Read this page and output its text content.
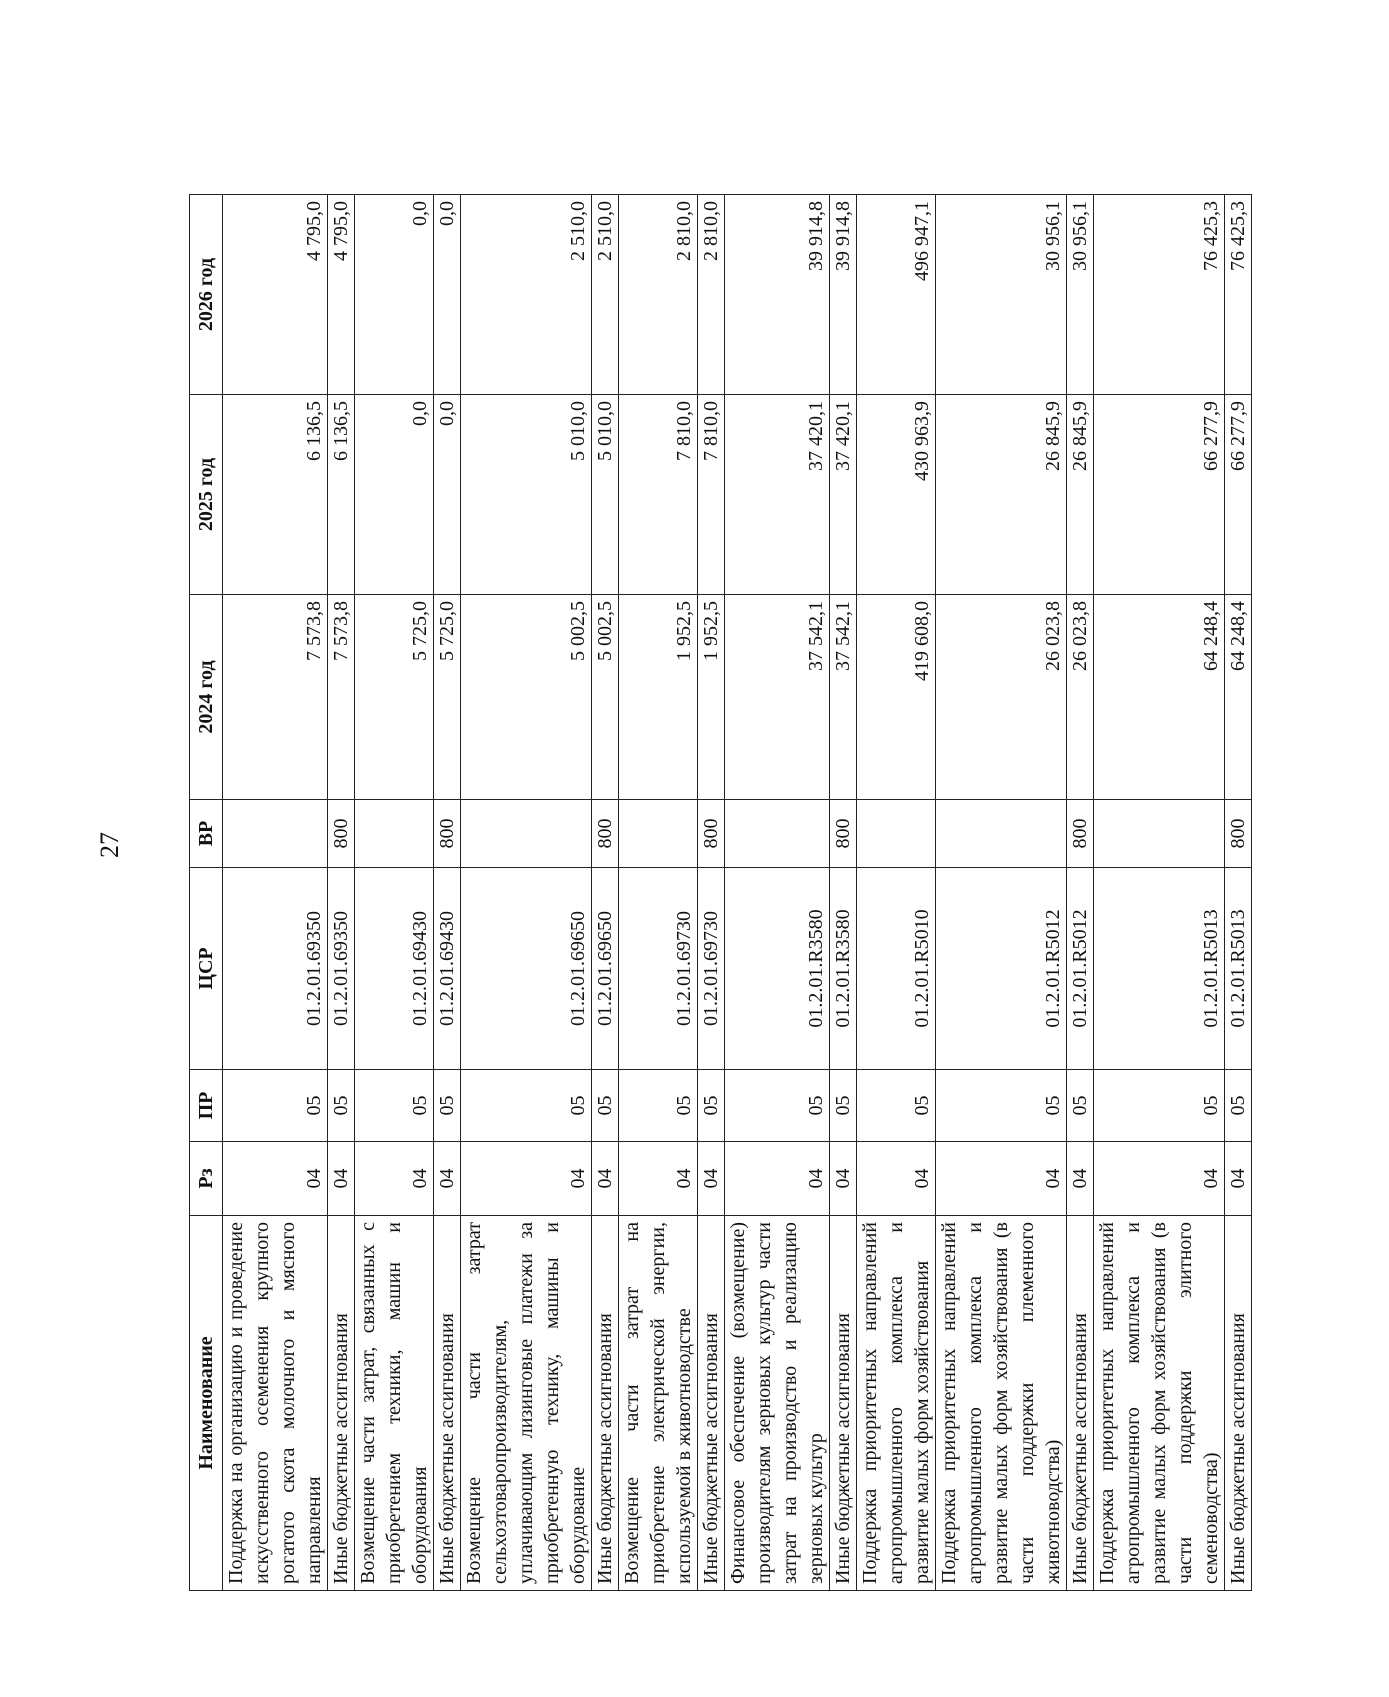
27
Наименование	Рз	ПР	ЦСР	ВР	2024 год	2025 год	2026 год
Поддержка на организацию и проведение искусственного осеменения крупного рогатого скота молочного и мясного направления	04	05	01.2.01.69350		7 573,8	6 136,5	4 795,0
Иные бюджетные ассигнования	04	05	01.2.01.69350	800	7 573,8	6 136,5	4 795,0
Возмещение части затрат, связанных с приобретением техники, машин и оборудования	04	05	01.2.01.69430		5 725,0	0,0	0,0
Иные бюджетные ассигнования	04	05	01.2.01.69430	800	5 725,0	0,0	0,0
Возмещение части затрат сельхозтоваропроизводителям, уплачивающим лизинговые платежи за приобретенную технику, машины и оборудование	04	05	01.2.01.69650		5 002,5	5 010,0	2 510,0
Иные бюджетные ассигнования	04	05	01.2.01.69650	800	5 002,5	5 010,0	2 510,0
Возмещение части затрат на приобретение электрической энергии, используемой в животноводстве	04	05	01.2.01.69730		1 952,5	7 810,0	2 810,0
Иные бюджетные ассигнования	04	05	01.2.01.69730	800	1 952,5	7 810,0	2 810,0
Финансовое обеспечение (возмещение) производителям зерновых культур части затрат на производство и реализацию зерновых культур	04	05	01.2.01.R3580		37 542,1	37 420,1	39 914,8
Иные бюджетные ассигнования	04	05	01.2.01.R3580	800	37 542,1	37 420,1	39 914,8
Поддержка приоритетных направлений агропромышленного комплекса и развитие малых форм хозяйствования	04	05	01.2.01.R5010		419 608,0	430 963,9	496 947,1
Поддержка приоритетных направлений агропромышленного комплекса и развитие малых форм хозяйствования (в части поддержки племенного животноводства)	04	05	01.2.01.R5012		26 023,8	26 845,9	30 956,1
Иные бюджетные ассигнования	04	05	01.2.01.R5012	800	26 023,8	26 845,9	30 956,1
Поддержка приоритетных направлений агропромышленного комплекса и развитие малых форм хозяйствования (в части поддержки элитного семеноводства)	04	05	01.2.01.R5013		64 248,4	66 277,9	76 425,3
Иные бюджетные ассигнования	04	05	01.2.01.R5013	800	64 248,4	66 277,9	76 425,3
